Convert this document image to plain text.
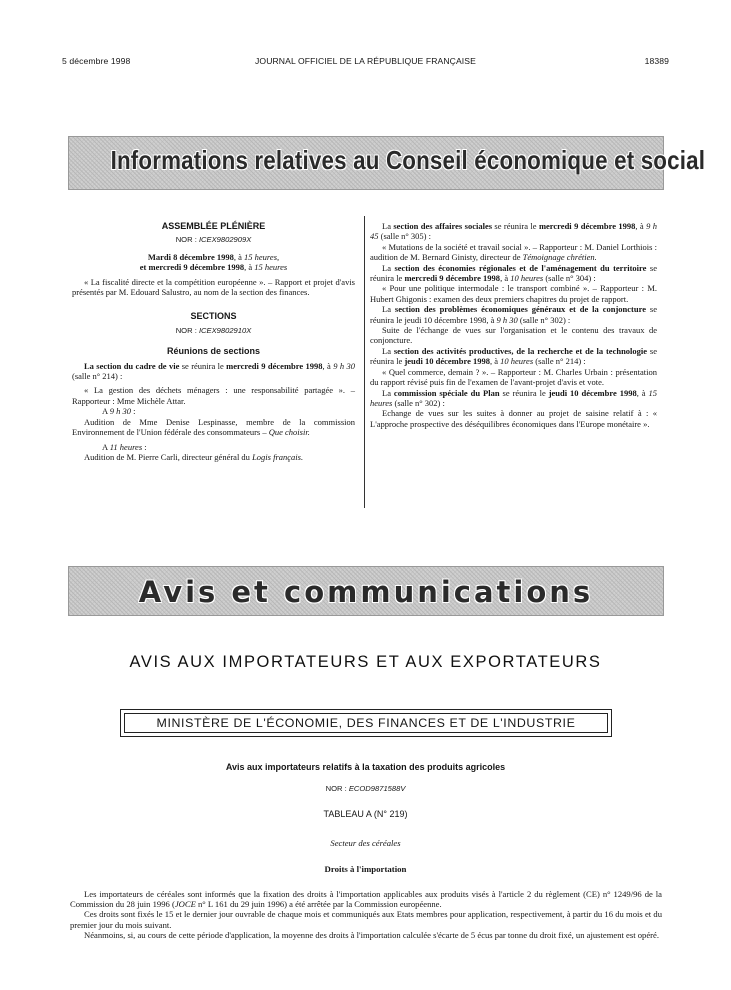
5 décembre 1998	JOURNAL OFFICIEL DE LA RÉPUBLIQUE FRANÇAISE	18389
Informations relatives au Conseil économique et social
ASSEMBLÉE PLÉNIÈRE
NOR : ICEX9802909X
Mardi 8 décembre 1998, à 15 heures,
et mercredi 9 décembre 1998, à 15 heures

« La fiscalité directe et la compétition européenne ». – Rapport et projet d'avis présentés par M. Edouard Salustro, au nom de la section des finances.

SECTIONS
NOR : ICEX9802910X
Réunions de sections

La section du cadre de vie se réunira le mercredi 9 décembre 1998, à 9 h 30 (salle n° 214) :

« La gestion des déchets ménagers : une responsabilité partagée ». – Rapporteur : Mme Michèle Attar.

A 9 h 30 :

Audition de Mme Denise Lespinasse, membre de la commission Environnement de l'Union fédérale des consommateurs – Que choisir.

A 11 heures :

Audition de M. Pierre Carli, directeur général du Logis français.

La section des affaires sociales se réunira le mercredi 9 décembre 1998, à 9 h 45 (salle n° 305) :

« Mutations de la société et travail social ». – Rapporteur : M. Daniel Lorthiois : audition de M. Bernard Ginisty, directeur de Témoignage chrétien.

La section des économies régionales et de l'aménagement du territoire se réunira le mercredi 9 décembre 1998, à 10 heures (salle n° 304) :

« Pour une politique intermodale : le transport combiné ». – Rapporteur : M. Hubert Ghigonis : examen des deux premiers chapitres du projet de rapport.

La section des problèmes économiques généraux et de la conjoncture se réunira le jeudi 10 décembre 1998, à 9 h 30 (salle n° 302) :

Suite de l'échange de vues sur l'organisation et le contenu des travaux de conjoncture.

La section des activités productives, de la recherche et de la technologie se réunira le jeudi 10 décembre 1998, à 10 heures (salle n° 214) :

« Quel commerce, demain ? ». – Rapporteur : M. Charles Urbain : présentation du rapport révisé puis fin de l'examen de l'avant-projet d'avis et vote.

La commission spéciale du Plan se réunira le jeudi 10 décembre 1998, à 15 heures (salle n° 302) :

Echange de vues sur les suites à donner au projet de saisine relatif à : « L'approche prospective des déséquilibres économiques dans l'Europe monétaire ».

Avis et communications
AVIS AUX IMPORTATEURS ET AUX EXPORTATEURS
MINISTÈRE DE L'ÉCONOMIE, DES FINANCES ET DE L'INDUSTRIE
Avis aux importateurs relatifs à la taxation des produits agricoles
NOR : ECOD9871588V
TABLEAU A (N° 219)
Secteur des céréales
Droits à l'importation

Les importateurs de céréales sont informés que la fixation des droits à l'importation applicables aux produits visés à l'article 2 du règlement (CE) n° 1249/96 de la Commission du 28 juin 1996 (JOCE n° L 161 du 29 juin 1996) a été arrêtée par la Commission européenne.

Ces droits sont fixés le 15 et le dernier jour ouvrable de chaque mois et communiqués aux Etats membres pour application, respectivement, à partir du 16 du mois et du premier jour du mois suivant.

Néanmoins, si, au cours de cette période d'application, la moyenne des droits à l'importation calculée s'écarte de 5 écus par tonne du droit fixé, un ajustement est opéré.
